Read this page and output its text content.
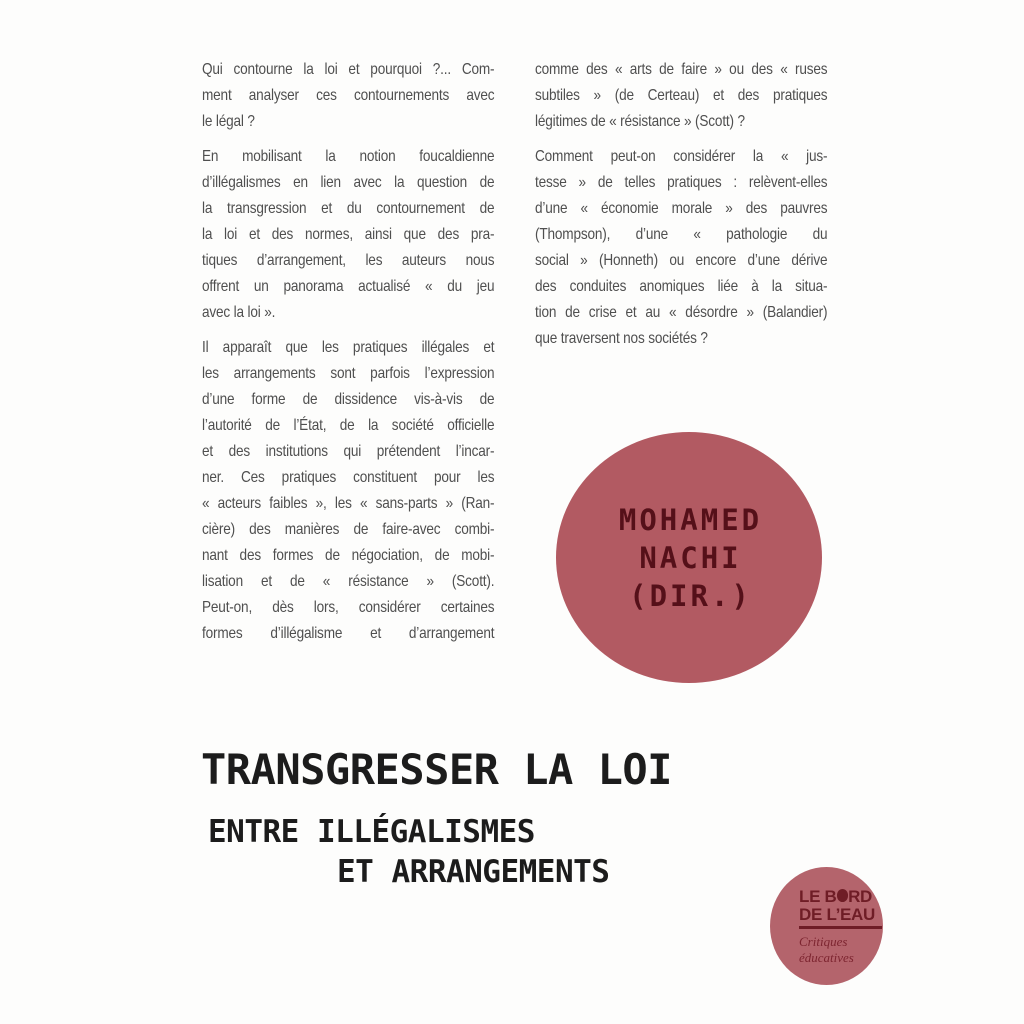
Qui contourne la loi et pourquoi ?... Com-
ment analyser ces contournements avec
le légal ?
En mobilisant la notion foucaldienne
d’illégalismes en lien avec la question de
la transgression et du contournement de
la loi et des normes, ainsi que des pra-
tiques d’arrangement, les auteurs nous
offrent un panorama actualisé « du jeu
avec la loi ».
Il apparaît que les pratiques illégales et
les arrangements sont parfois l’expression
d’une forme de dissidence vis-à-vis de
l’autorité de l’État, de la société officielle
et des institutions qui prétendent l’incar-
ner. Ces pratiques constituent pour les
« acteurs faibles », les « sans-parts » (Ran-
cière) des manières de faire-avec combi-
nant des formes de négociation, de mobi-
lisation et de « résistance » (Scott).
Peut-on, dès lors, considérer certaines
formes d’illégalisme et d’arrangement
comme des « arts de faire » ou des « ruses
subtiles » (de Certeau) et des pratiques
légitimes de « résistance » (Scott) ?
Comment peut-on considérer la « jus-
tesse » de telles pratiques : relèvent-elles
d’une « économie morale » des pauvres
(Thompson), d’une « pathologie du
social » (Honneth) ou encore d’une dérive
des conduites anomiques liée à la situa-
tion de crise et au « désordre » (Balandier)
que traversent nos sociétés ?
MOHAMED
NACHI
(DIR.)
TRANSGRESSER LA LOI
ENTRE ILLÉGALISMES
ET ARRANGEMENTS
LE B RD
DE L’EAU
Critiques
éducatives
